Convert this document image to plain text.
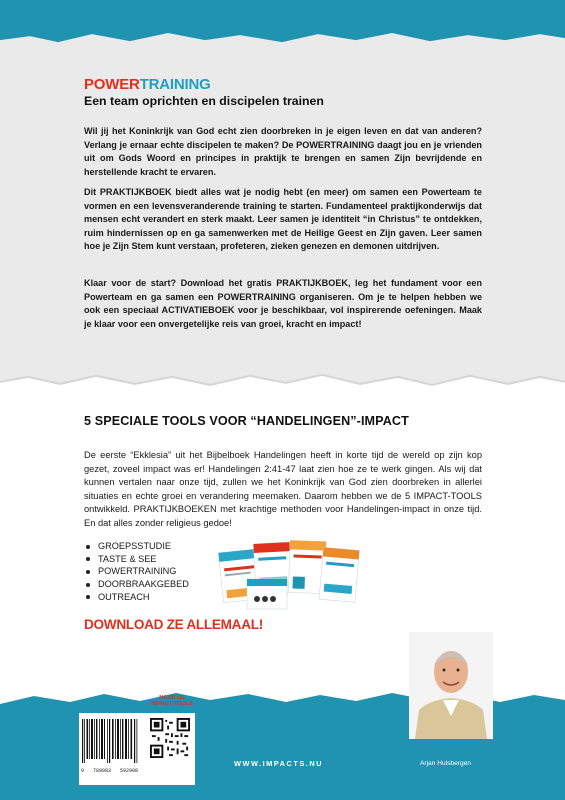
POWERTRAINING
Een team oprichten en discipelen trainen
Wil jij het Koninkrijk van God echt zien doorbreken in je eigen leven en dat van anderen? Verlang je ernaar echte discipelen te maken? De POWERTRAINING daagt jou en je vrienden uit om Gods Woord en principes in praktijk te brengen en samen Zijn bevrijdende en herstellende kracht te ervaren.
Dit PRAKTIJKBOEK biedt alles wat je nodig hebt (en meer) om samen een Powerteam te vormen en een levensveranderende training te starten. Fundamenteel praktijkonderwijs dat mensen echt verandert en sterk maakt. Leer samen je identiteit “in Christus” te ontdekken, ruim hindernissen op en ga samenwerken met de Heilige Geest en Zijn gaven. Leer samen hoe je Zijn Stem kunt verstaan, profeteren, zieken genezen en demonen uitdrijven.
Klaar voor de start? Download het gratis PRAKTIJKBOEK, leg het fundament voor een Powerteam en ga samen een POWERTRAINING organiseren. Om je te helpen hebben we ook een speciaal ACTIVATIEBOEK voor je beschikbaar, vol inspirerende oefeningen. Maak je klaar voor een onvergetelijke reis van groei, kracht en impact!
5 SPECIALE TOOLS VOOR “HANDELINGEN”-IMPACT
De eerste “Ekklesia” uit het Bijbelboek Handelingen heeft in korte tijd de wereld op zijn kop gezet, zoveel impact was er! Handelingen 2:41-47 laat zien hoe ze te werk gingen. Als wij dat kunnen vertalen naar onze tijd, zullen we het Koninkrijk van God zien doorbreken in allerlei situaties en echte groei en verandering meemaken. Daarom hebben we de 5 IMPACT-TOOLS ontwikkeld. PRAKTIJKBOEKEN met krachtige methoden voor Handelingen-impact in onze tijd. En dat alles zonder religieus gedoe!
GROEPSSTUDIE
TASTE & SEE
POWERTRAINING
DOORBRAAKGEBED
OUTREACH
DOWNLOAD ZE ALLEMAAL!
Arjan Hulsbergen
WWW.IMPACTS.NU
9   789083   592908
NAAR DE
IMPACT-TOOLS
